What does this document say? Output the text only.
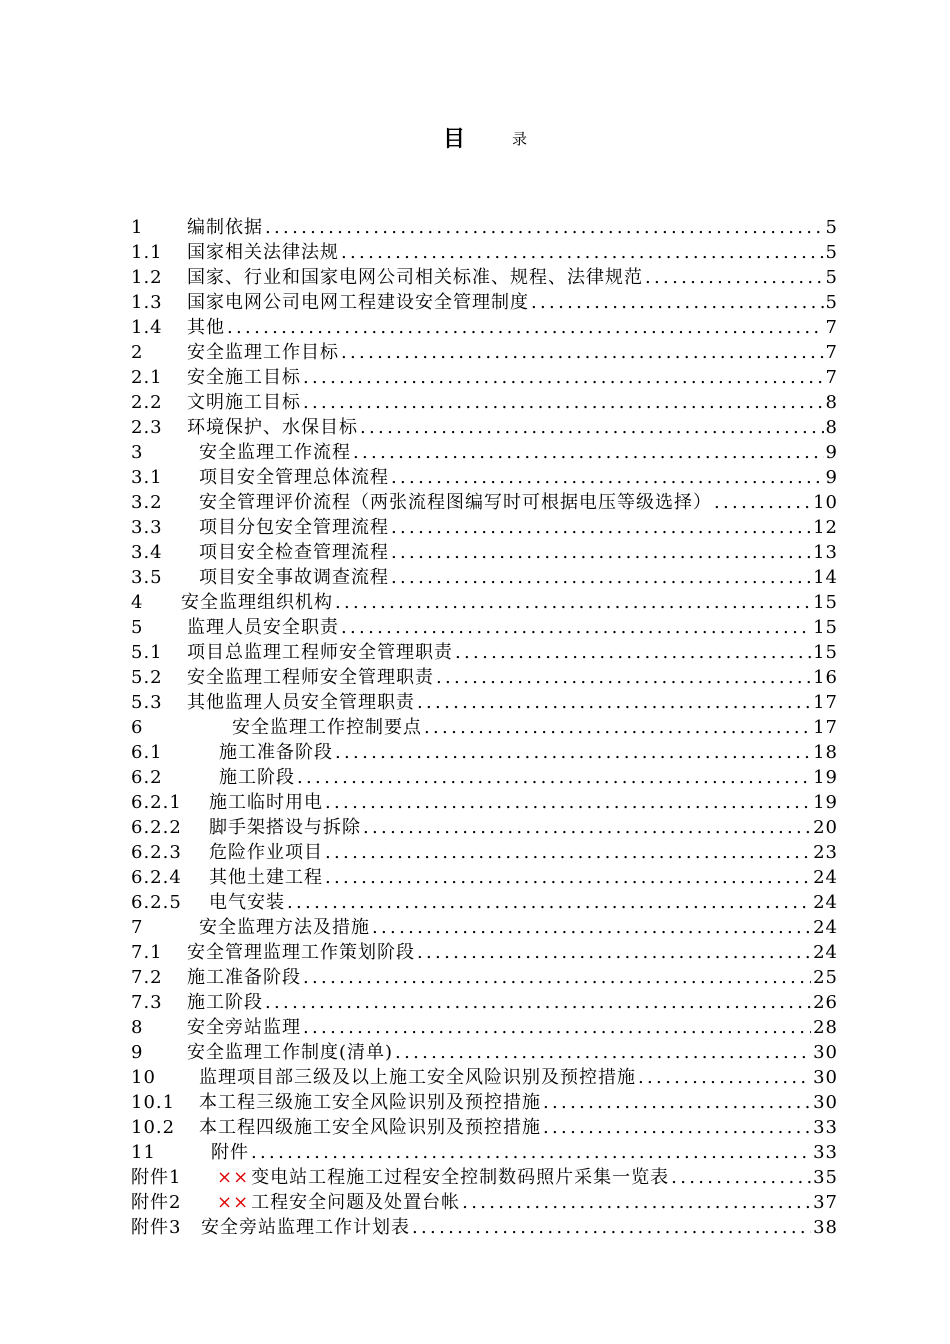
目	录
1	编制依据 .....	5
1.1	国家相关法律法规 .....	5
1.2	国家、行业和国家电网公司相关标准、规程、法律规范 .....	5
1.3	国家电网公司电网工程建设安全管理制度 .....	5
1.4	其他 .....	7
2	安全监理工作目标 .....	7
2.1	安全施工目标 .....	7
2.2	文明施工目标 .....	8
2.3	环境保护、水保目标 .....	8
3	安全监理工作流程 .....	9
3.1	项目安全管理总体流程 .....	9
3.2	安全管理评价流程（两张流程图编写时可根据电压等级选择） .....	10
3.3	项目分包安全管理流程 .....	12
3.4	项目安全检查管理流程 .....	13
3.5	项目安全事故调查流程 .....	14
4	安全监理组织机构 .....	15
5	监理人员安全职责 .....	15
5.1	项目总监理工程师安全管理职责 .....	15
5.2	安全监理工程师安全管理职责 .....	16
5.3	其他监理人员安全管理职责 .....	17
6	安全监理工作控制要点 .....	17
6.1	施工准备阶段 .....	18
6.2	施工阶段 .....	19
6.2.1	施工临时用电 .....	19
6.2.2	脚手架搭设与拆除 .....	20
6.2.3	危险作业项目 .....	23
6.2.4	其他土建工程 .....	24
6.2.5	电气安装 .....	24
7	安全监理方法及措施 .....	24
7.1	安全管理监理工作策划阶段 .....	24
7.2	施工准备阶段 .....	25
7.3	施工阶段 .....	26
8	安全旁站监理 .....	28
9	安全监理工作制度(清单) .....	30
10	监理项目部三级及以上施工安全风险识别及预控措施 .....	30
10.1	本工程三级施工安全风险识别及预控措施 .....	30
10.2	本工程四级施工安全风险识别及预控措施 .....	33
11	附件 .....	33
附件1	×× 变电站工程施工过程安全控制数码照片采集一览表 .....	35
附件2	×× 工程安全问题及处置台帐 .....	37
附件3	安全旁站监理工作计划表 .....	38
